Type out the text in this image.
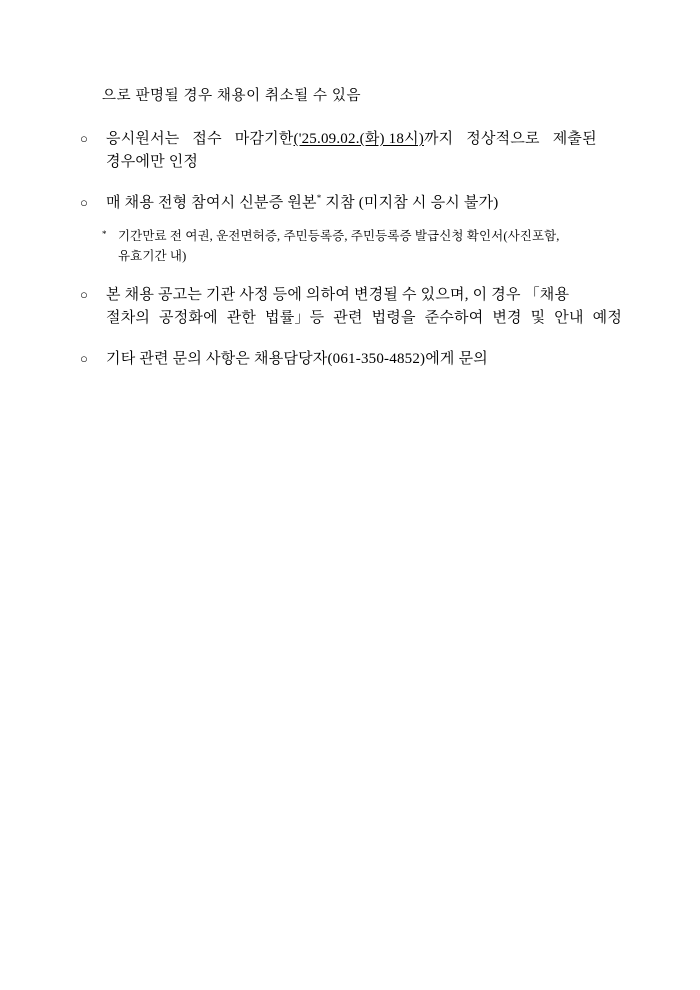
으로 판명될 경우 채용이 취소될 수 있음

○ 응시원서는 접수 마감기한('25.09.02.(화) 18시)까지 정상적으로 제출된
경우에만 인정
○ 매 채용 전형 참여시 신분증 원본* 지참 (미지참 시 응시 불가)
* 기간만료 전 여권, 운전면허증, 주민등록증, 주민등록증 발급신청 확인서(사진포함,
유효기간 내)
○ 본 채용 공고는 기관 사정 등에 의하여 변경될 수 있으며, 이 경우 「채용
절차의 공정화에 관한 법률」등 관련 법령을 준수하여 변경 및 안내 예정
○ 기타 관련 문의 사항은 채용담당자(061-350-4852)에게 문의
